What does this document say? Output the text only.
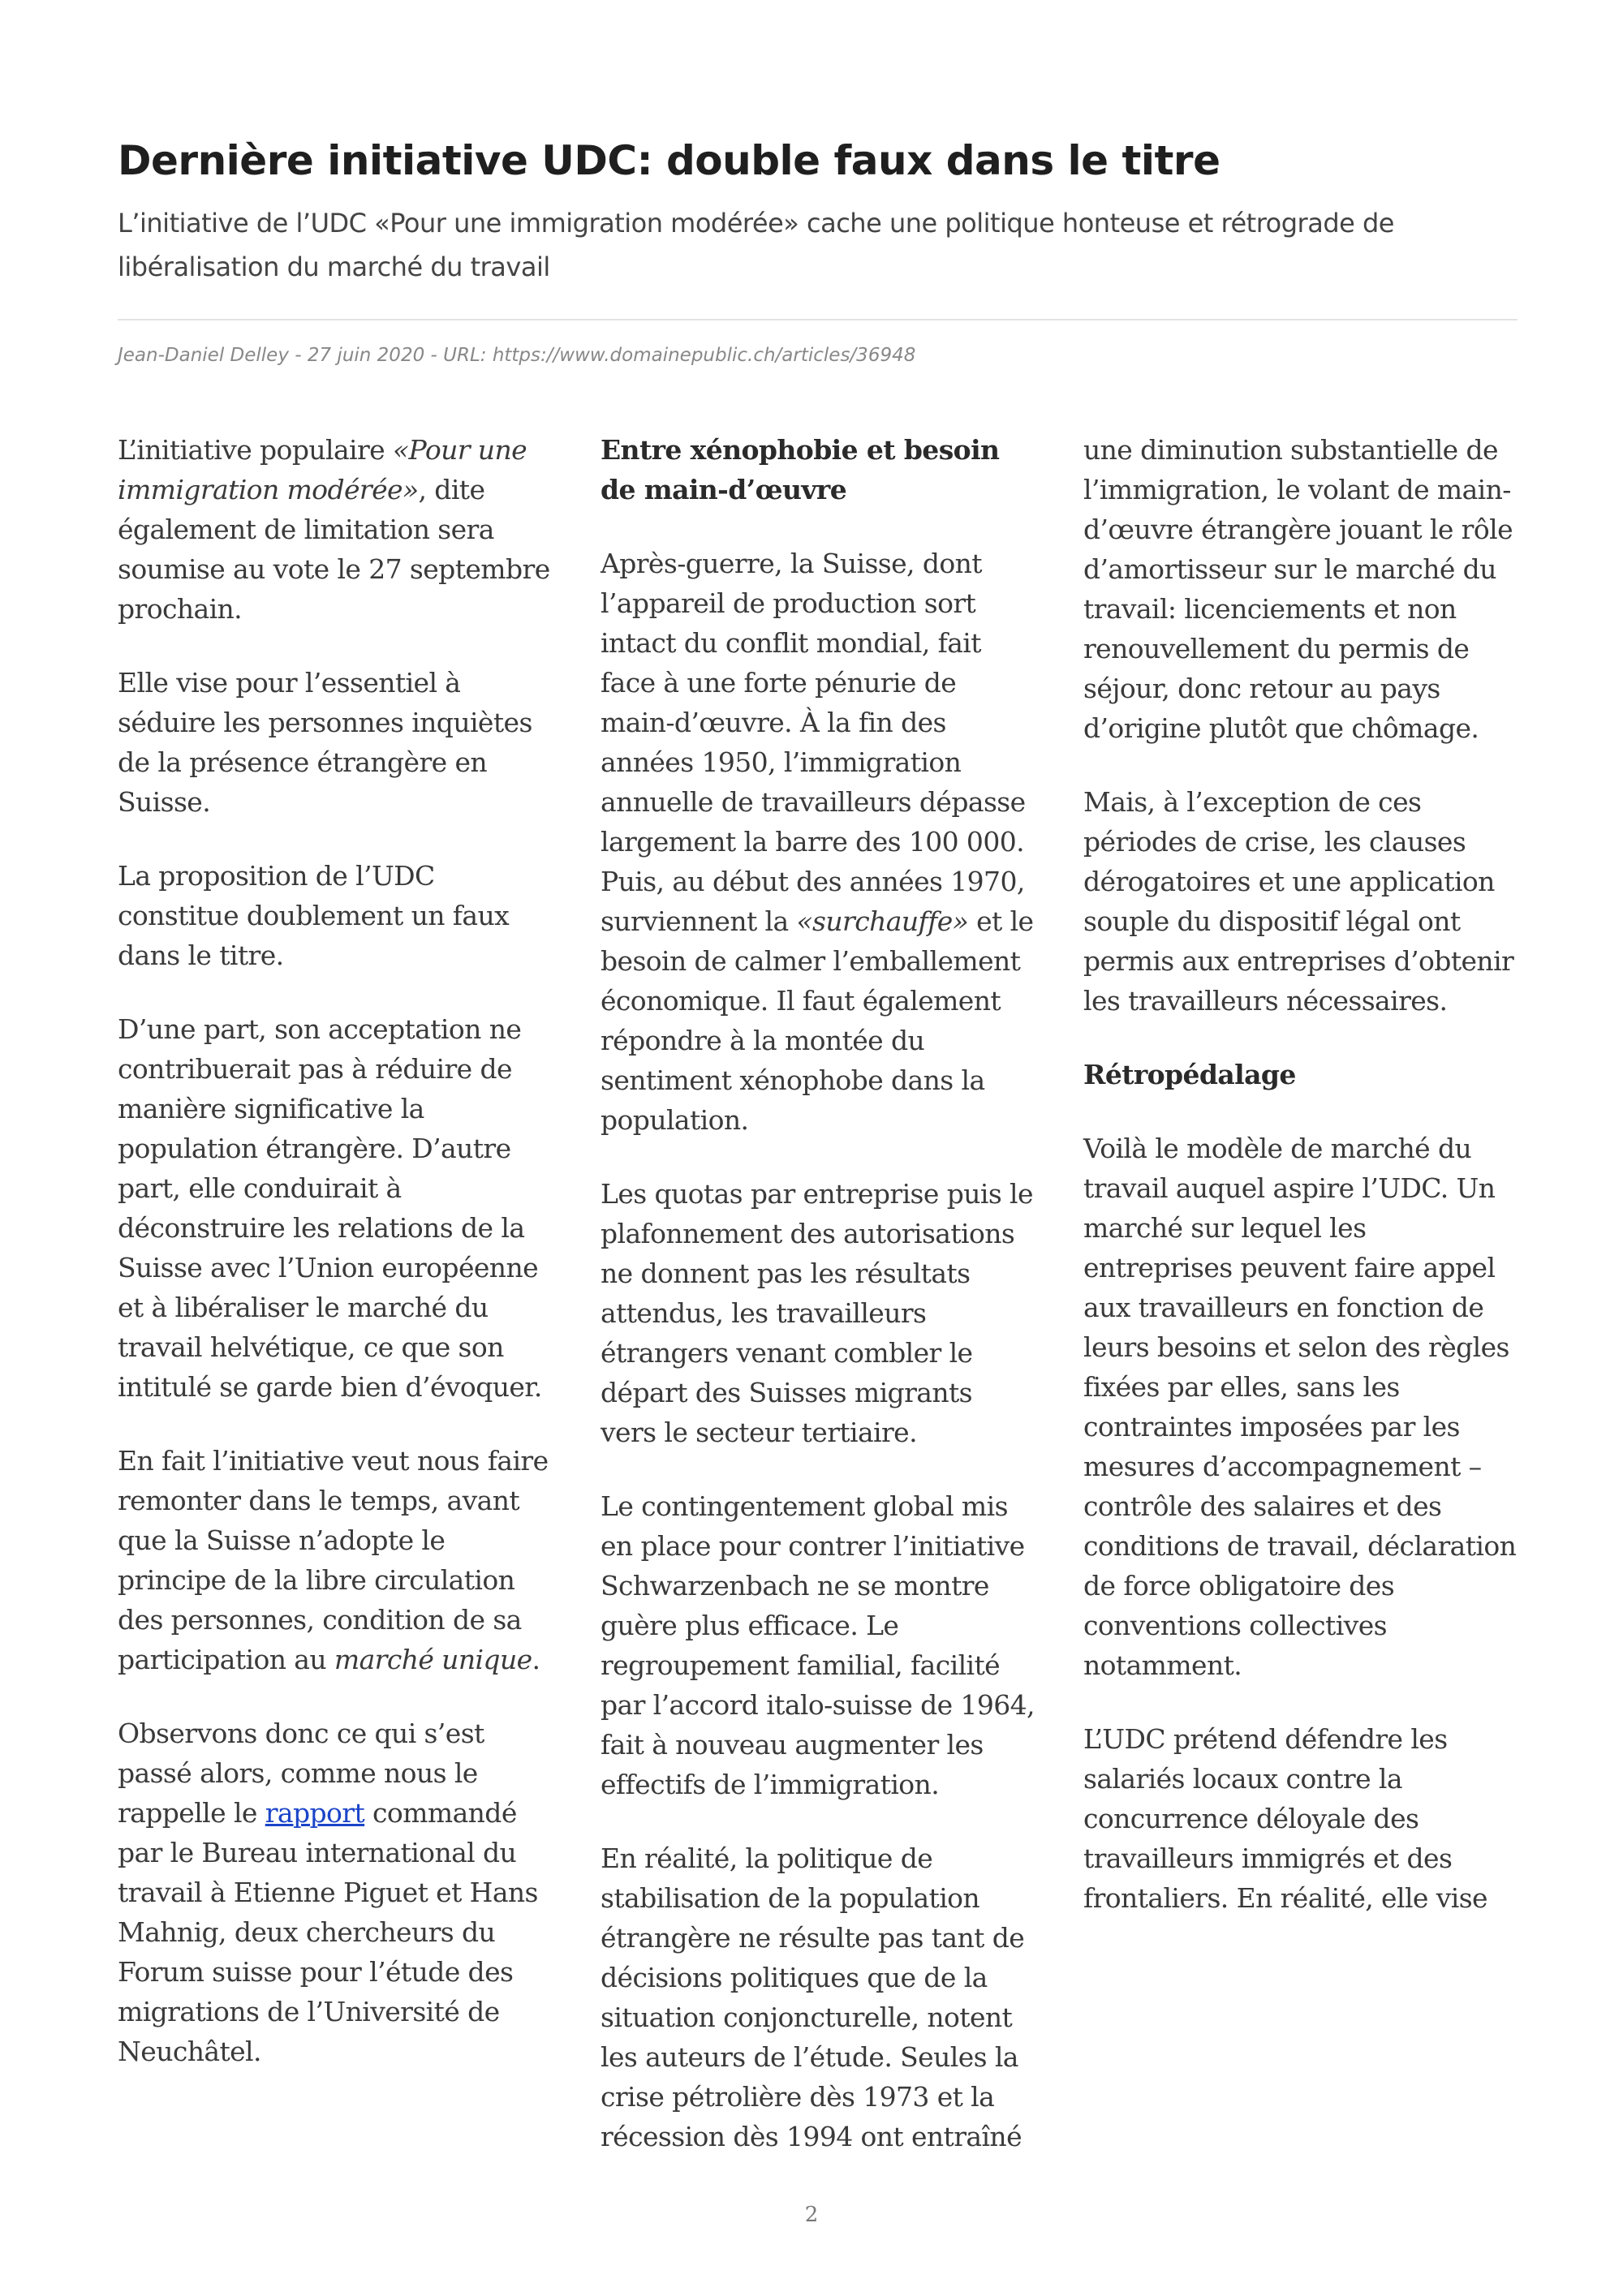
Dernière initiative UDC: double faux dans le titre

L’initiative de l’UDC «Pour une immigration modérée» cache une politique honteuse et rétrograde de libéralisation du marché du travail

Jean-Daniel Delley - 27 juin 2020 - URL: https://www.domainepublic.ch/articles/36948

L’initiative populaire «Pour une immigration modérée», dite également de limitation sera soumise au vote le 27 septembre prochain.

Elle vise pour l’essentiel à séduire les personnes inquiètes de la présence étrangère en Suisse.

La proposition de l’UDC constitue doublement un faux dans le titre.

D’une part, son acceptation ne contribuerait pas à réduire de manière significative la population étrangère. D’autre part, elle conduirait à déconstruire les relations de la Suisse avec l’Union européenne et à libéraliser le marché du travail helvétique, ce que son intitulé se garde bien d’évoquer.

En fait l’initiative veut nous faire remonter dans le temps, avant que la Suisse n’adopte le principe de la libre circulation des personnes, condition de sa participation au marché unique.

Observons donc ce qui s’est passé alors, comme nous le rappelle le rapport commandé par le Bureau international du travail à Etienne Piguet et Hans Mahnig, deux chercheurs du Forum suisse pour l’étude des migrations de l’Université de Neuchâtel.

Entre xénophobie et besoin de main-d’œuvre

Après-guerre, la Suisse, dont l’appareil de production sort intact du conflit mondial, fait face à une forte pénurie de main-d’œuvre. À la fin des années 1950, l’immigration annuelle de travailleurs dépasse largement la barre des 100 000. Puis, au début des années 1970, surviennent la «surchauffe» et le besoin de calmer l’emballement économique. Il faut également répondre à la montée du sentiment xénophobe dans la population.

Les quotas par entreprise puis le plafonnement des autorisations ne donnent pas les résultats attendus, les travailleurs étrangers venant combler le départ des Suisses migrants vers le secteur tertiaire.

Le contingentement global mis en place pour contrer l’initiative Schwarzenbach ne se montre guère plus efficace. Le regroupement familial, facilité par l’accord italo-suisse de 1964, fait à nouveau augmenter les effectifs de l’immigration.

En réalité, la politique de stabilisation de la population étrangère ne résulte pas tant de décisions politiques que de la situation conjoncturelle, notent les auteurs de l’étude. Seules la crise pétrolière dès 1973 et la récession dès 1994 ont entraîné une diminution substantielle de l’immigration, le volant de main-d’œuvre étrangère jouant le rôle d’amortisseur sur le marché du travail: licenciements et non renouvellement du permis de séjour, donc retour au pays d’origine plutôt que chômage.

Mais, à l’exception de ces périodes de crise, les clauses dérogatoires et une application souple du dispositif légal ont permis aux entreprises d’obtenir les travailleurs nécessaires.

Rétropédalage

Voilà le modèle de marché du travail auquel aspire l’UDC. Un marché sur lequel les entreprises peuvent faire appel aux travailleurs en fonction de leurs besoins et selon des règles fixées par elles, sans les contraintes imposées par les mesures d’accompagnement – contrôle des salaires et des conditions de travail, déclaration de force obligatoire des conventions collectives notamment.

L’UDC prétend défendre les salariés locaux contre la concurrence déloyale des travailleurs immigrés et des frontaliers. En réalité, elle vise

2
